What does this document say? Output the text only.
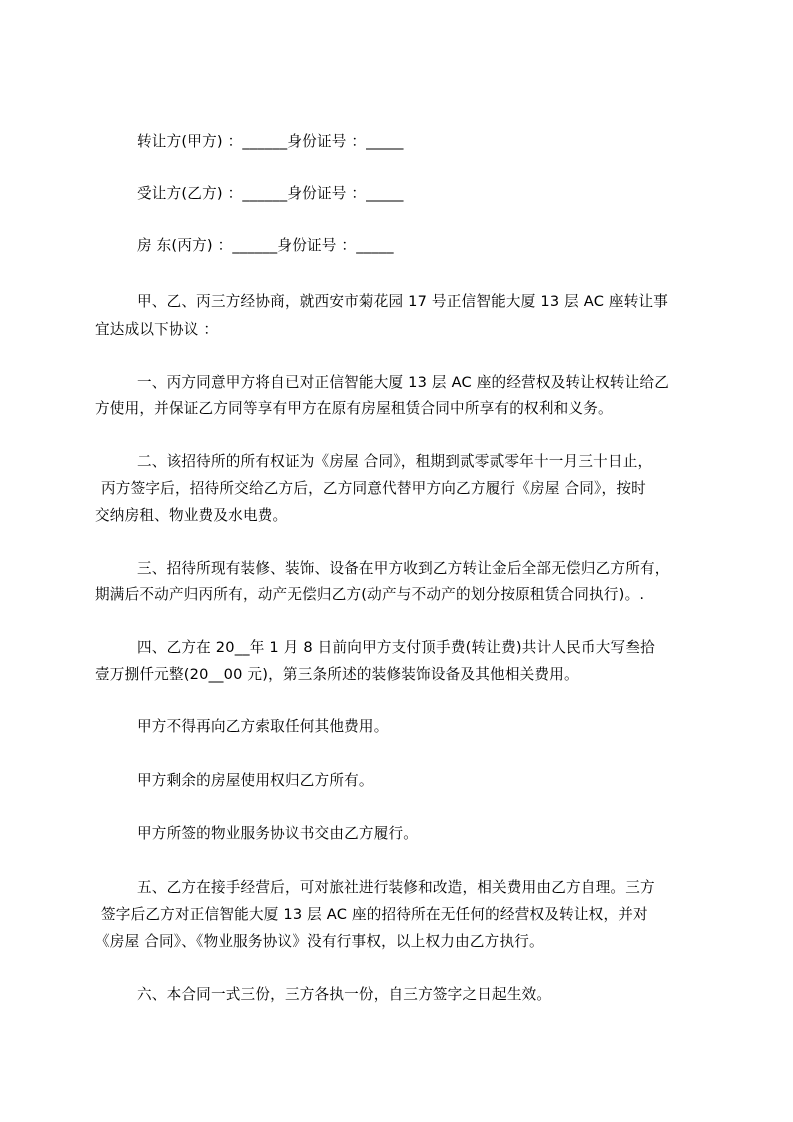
转让方(甲方) ：______身份证号 ：_____
受让方(乙方) ：______身份证号 ：_____
房 东(丙方) ：______身份证号 ：_____
甲、乙、丙三方经协商，就西安市菊花园 17 号正信智能大厦 13 层 AC 座转让事
宜达成以下协议 ：
一、丙方同意甲方将自已对正信智能大厦 13 层 AC 座的经营权及转让权转让给乙
方使用，并保证乙方同等享有甲方在原有房屋租赁合同中所享有的权利和义务。
二、该招待所的所有权证为《房屋 合同》，租期到贰零贰零年十一月三十日止，
丙方签字后，招待所交给乙方后，乙方同意代替甲方向乙方履行《房屋 合同》，按时
交纳房租、物业费及水电费。
三、招待所现有装修、装饰、设备在甲方收到乙方转让金后全部无偿归乙方所有，
期满后不动产归丙所有，动产无偿归乙方(动产与不动产的划分按原租赁合同执行)。.
四、乙方在 20__年 1 月 8 日前向甲方支付顶手费(转让费)共计人民币大写叁拾
壹万捌仟元整(20__00 元)，第三条所述的装修装饰设备及其他相关费用。
甲方不得再向乙方索取任何其他费用。
甲方剩余的房屋使用权归乙方所有。
甲方所签的物业服务协议书交由乙方履行。
五、乙方在接手经营后，可对旅社进行装修和改造，相关费用由乙方自理。三方
签字后乙方对正信智能大厦 13 层 AC 座的招待所在无任何的经营权及转让权，并对
《房屋 合同》、《物业服务协议》没有行事权，以上权力由乙方执行。
六、本合同一式三份，三方各执一份，自三方签字之日起生效。
